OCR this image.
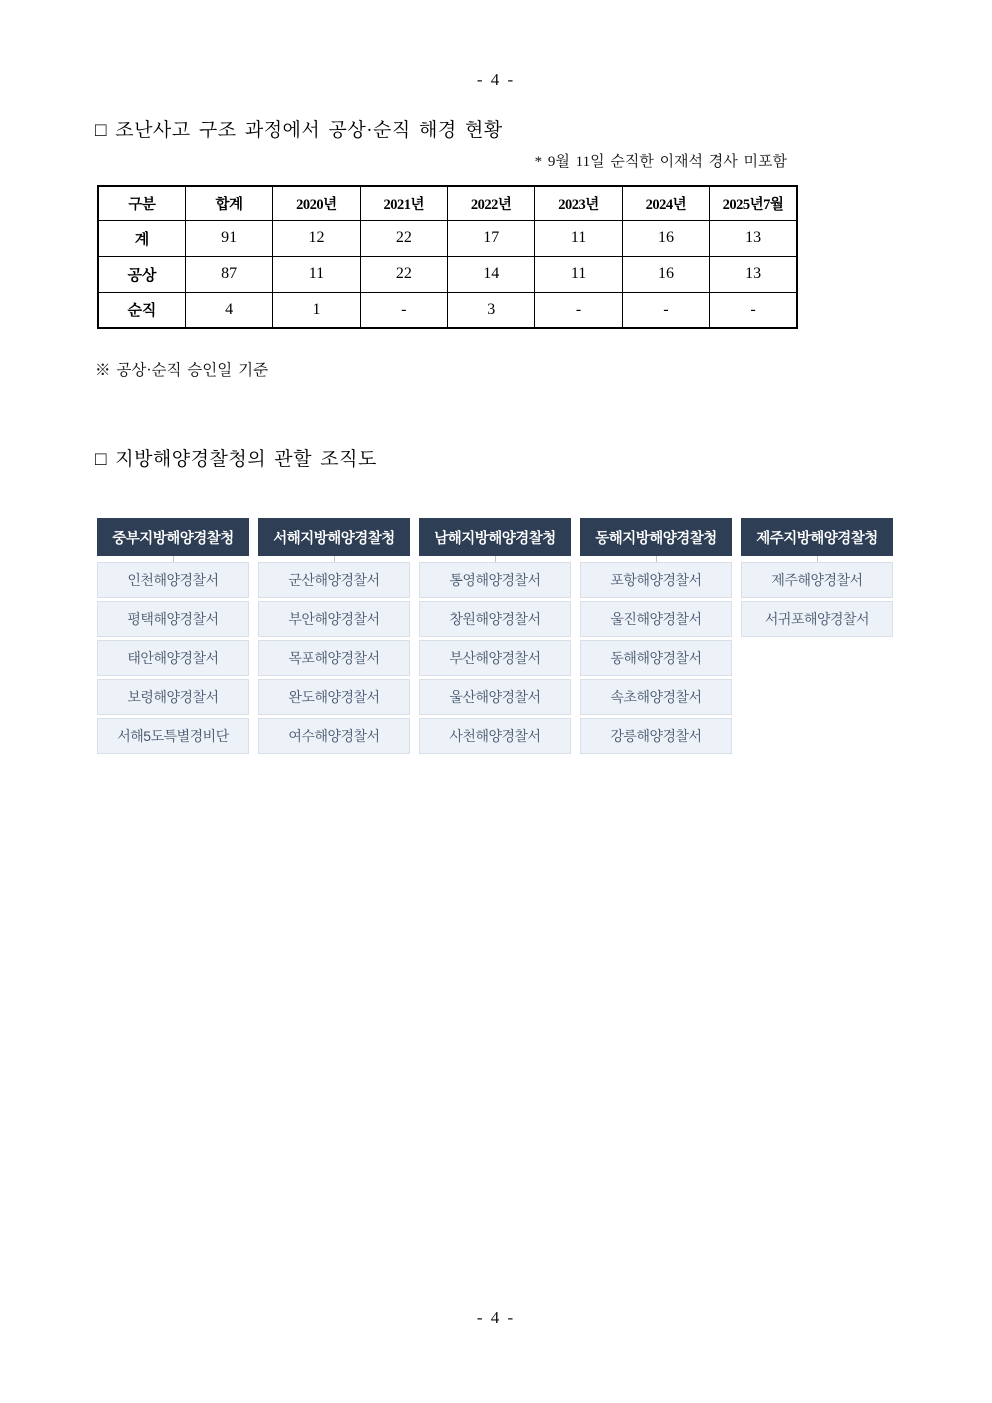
- 4 -
□ 조난사고 구조 과정에서 공상·순직 해경 현황
* 9월 11일 순직한 이재석 경사 미포함
구분	합계	2020년	2021년	2022년	2023년	2024년	2025년7월
계	91	12	22	17	11	16	13
공상	87	11	22	14	11	16	13
순직	4	1	-	3	-	-	-
※ 공상·순직 승인일 기준
□ 지방해양경찰청의 관할 조직도
중부지방해양경찰청
인천해양경찰서
평택해양경찰서
태안해양경찰서
보령해양경찰서
서해5도특별경비단
서해지방해양경찰청
군산해양경찰서
부안해양경찰서
목포해양경찰서
완도해양경찰서
여수해양경찰서
남해지방해양경찰청
통영해양경찰서
창원해양경찰서
부산해양경찰서
울산해양경찰서
사천해양경찰서
동해지방해양경찰청
포항해양경찰서
울진해양경찰서
동해해양경찰서
속초해양경찰서
강릉해양경찰서
제주지방해양경찰청
제주해양경찰서
서귀포해양경찰서
- 4 -
